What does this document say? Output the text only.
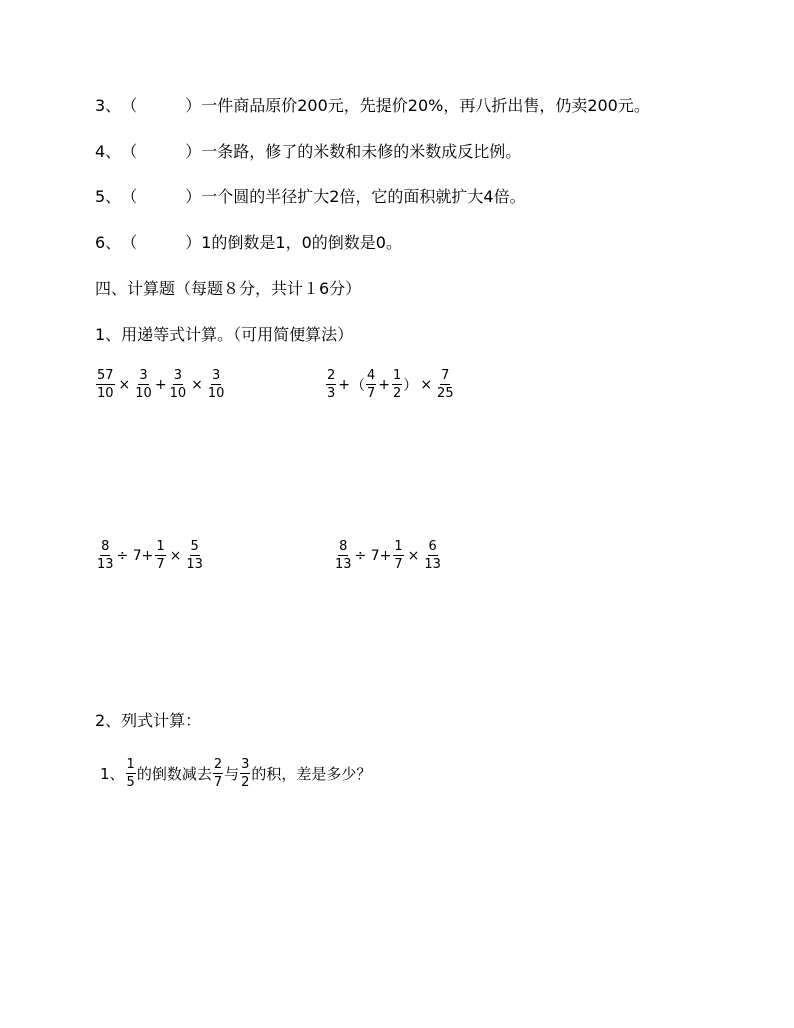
3、 （	） 一件商品原价200元，先提价20%，再八折出售，仍卖200元。
4、 （	） 一条路，修了的米数和未修的米数成反比例。
5、 （	） 一个圆的半径扩大2倍，它的面积就扩大4倍。
6、 （	） 1的倒数是1，0的倒数是0。
四、计算题（每题８分，共计１6分）
1、用递等式计算。（可用简便算法）
$\frac{57}{10} \times \frac{3}{10} + \frac{3}{10} \times \frac{3}{10}$	$\frac{2}{3}$ + （ $\frac{4}{7} + \frac{1}{2}$ ） × $\frac{7}{25}$
$\frac{8}{13} \div 7+ \frac{1}{7} \times \frac{5}{13}$	$\frac{8}{13} \div 7+ \frac{1}{7} \times \frac{6}{13}$
2、列式计算：
1、 $\frac{1}{5}$ 的倒数减去 $\frac{2}{7}$ 与 $\frac{3}{2}$ 的积，差是多少？
